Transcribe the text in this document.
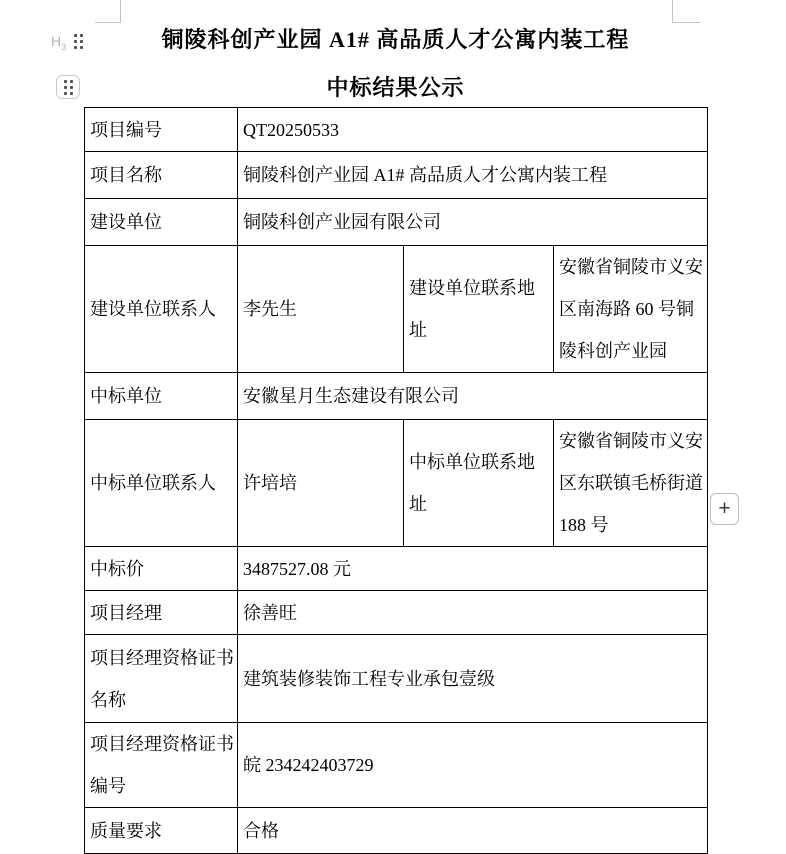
$H_3$
+
铜陵科创产业园 A1# 高品质人才公寓内装工程
中标结果公示
项目编号	QT20250533		
项目名称	铜陵科创产业园 A1# 高品质人才公寓内装工程		
建设单位	铜陵科创产业园有限公司		
建设单位联系人	李先生	建设单位联系地址	安徽省铜陵市义安区南海路 60 号铜陵科创产业园
中标单位	安徽星月生态建设有限公司		
中标单位联系人	许培培	中标单位联系地址	安徽省铜陵市义安区东联镇毛桥街道 188 号
中标价	3487527.08 元		
项目经理	徐善旺		
项目经理资格证书名称	建筑装修装饰工程专业承包壹级		
项目经理资格证书编号	皖 234242403729		
质量要求	合格		
